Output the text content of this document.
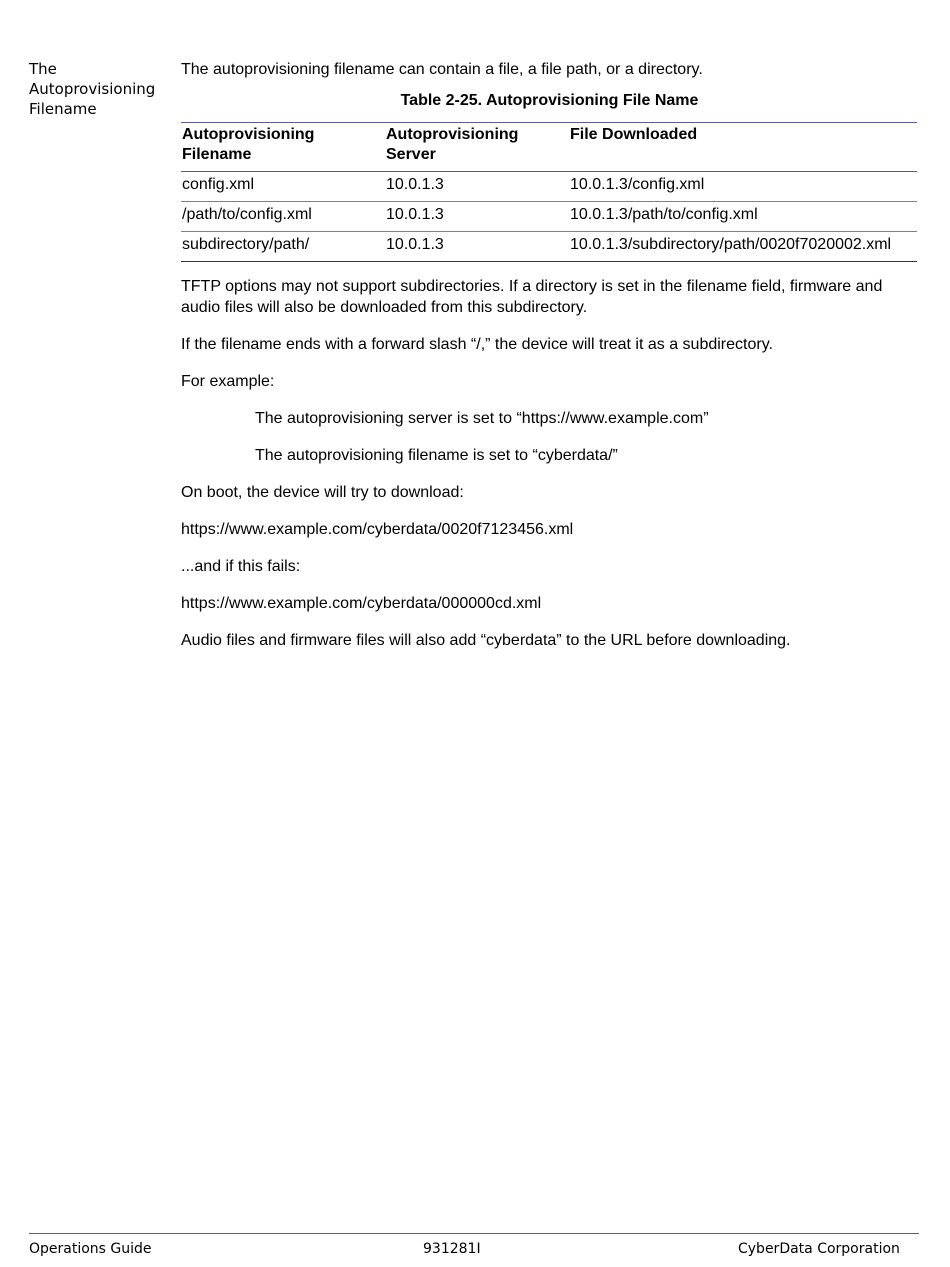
The Autoprovisioning Filename

The autoprovisioning filename can contain a file, a file path, or a directory.

Table 2-25. Autoprovisioning File Name

Autoprovisioning Filename	Autoprovisioning Server	File Downloaded
config.xml	10.0.1.3	10.0.1.3/config.xml
/path/to/config.xml	10.0.1.3	10.0.1.3/path/to/config.xml
subdirectory/path/	10.0.1.3	10.0.1.3/subdirectory/path/0020f7020002.xml

TFTP options may not support subdirectories. If a directory is set in the filename field, firmware and audio files will also be downloaded from this subdirectory.

If the filename ends with a forward slash “/,” the device will treat it as a subdirectory.

For example:

The autoprovisioning server is set to “https://www.example.com”

The autoprovisioning filename is set to “cyberdata/”

On boot, the device will try to download:

https://www.example.com/cyberdata/0020f7123456.xml

...and if this fails:

https://www.example.com/cyberdata/000000cd.xml

Audio files and firmware files will also add “cyberdata” to the URL before downloading.

Operations Guide	931281I	CyberData Corporation
